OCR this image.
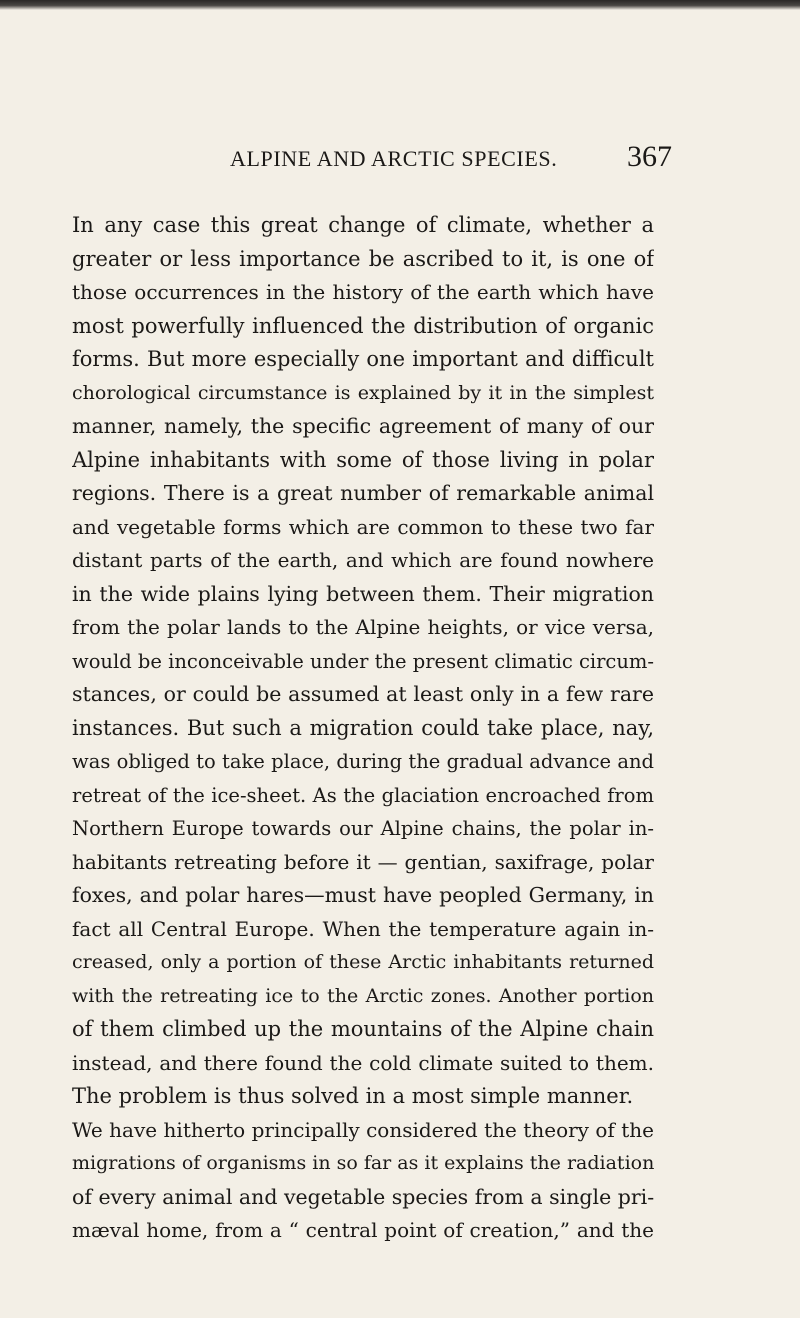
ALPINE AND ARCTIC SPECIES. 367
In any case this great change of climate, whether a
greater or less importance be ascribed to it, is one of
those occurrences in the history of the earth which have
most powerfully influenced the distribution of organic
forms. But more especially one important and difficult
chorological circumstance is explained by it in the simplest
manner, namely, the specific agreement of many of our
Alpine inhabitants with some of those living in polar
regions. There is a great number of remarkable animal
and vegetable forms which are common to these two far
distant parts of the earth, and which are found nowhere
in the wide plains lying between them. Their migration
from the polar lands to the Alpine heights, or vice versa,
would be inconceivable under the present climatic circum-
stances, or could be assumed at least only in a few rare
instances. But such a migration could take place, nay,
was obliged to take place, during the gradual advance and
retreat of the ice-sheet. As the glaciation encroached from
Northern Europe towards our Alpine chains, the polar in-
habitants retreating before it — gentian, saxifrage, polar
foxes, and polar hares—must have peopled Germany, in
fact all Central Europe. When the temperature again in-
creased, only a portion of these Arctic inhabitants returned
with the retreating ice to the Arctic zones. Another portion
of them climbed up the mountains of the Alpine chain
instead, and there found the cold climate suited to them.
The problem is thus solved in a most simple manner.
We have hitherto principally considered the theory of the
migrations of organisms in so far as it explains the radiation
of every animal and vegetable species from a single pri-
mæval home, from a “ central point of creation,” and the
